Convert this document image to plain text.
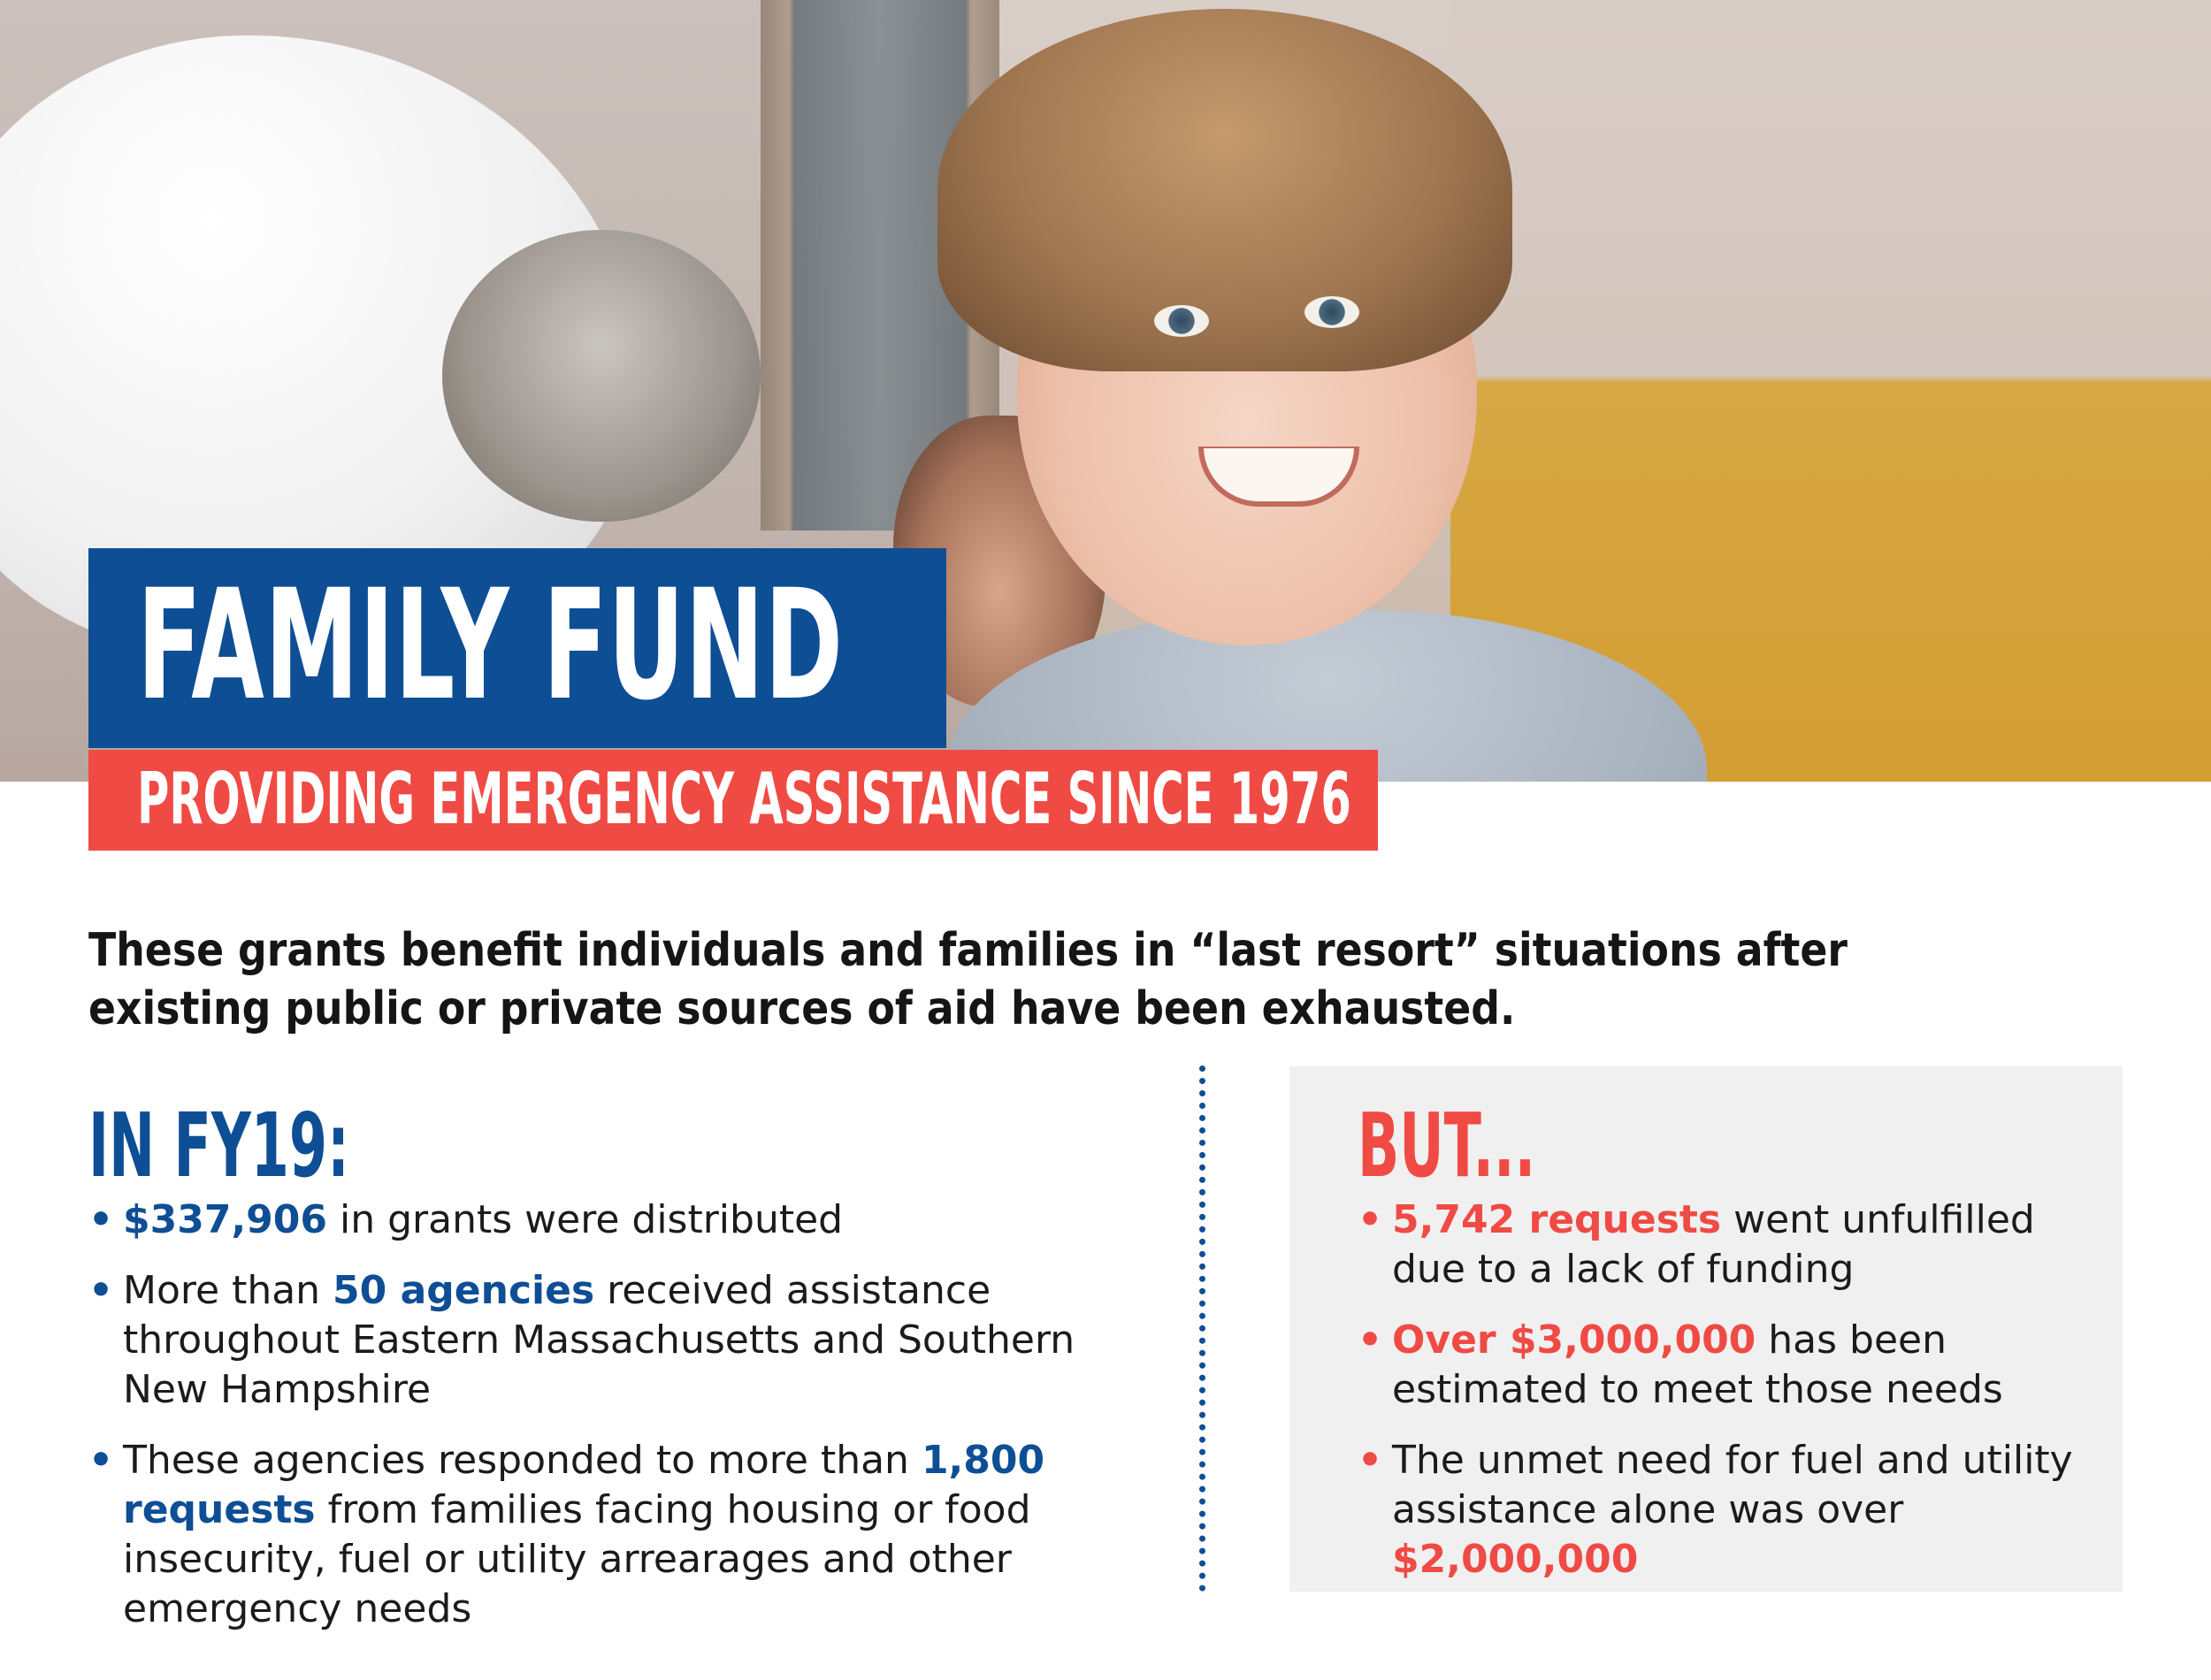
FAMILY FUND
PROVIDING EMERGENCY ASSISTANCE SINCE 1976
These grants benefit individuals and families in “last resort” situations after existing public or private sources of aid have been exhausted.
IN FY19:
• $337,906 in grants were distributed
• More than 50 agencies received assistance throughout Eastern Massachusetts and Southern New Hampshire
• These agencies responded to more than 1,800 requests from families facing housing or food insecurity, fuel or utility arrearages and other emergency needs
BUT...
• 5,742 requests went unfulfilled due to a lack of funding
• Over $3,000,000 has been estimated to meet those needs
• The unmet need for fuel and utility assistance alone was over $2,000,000
